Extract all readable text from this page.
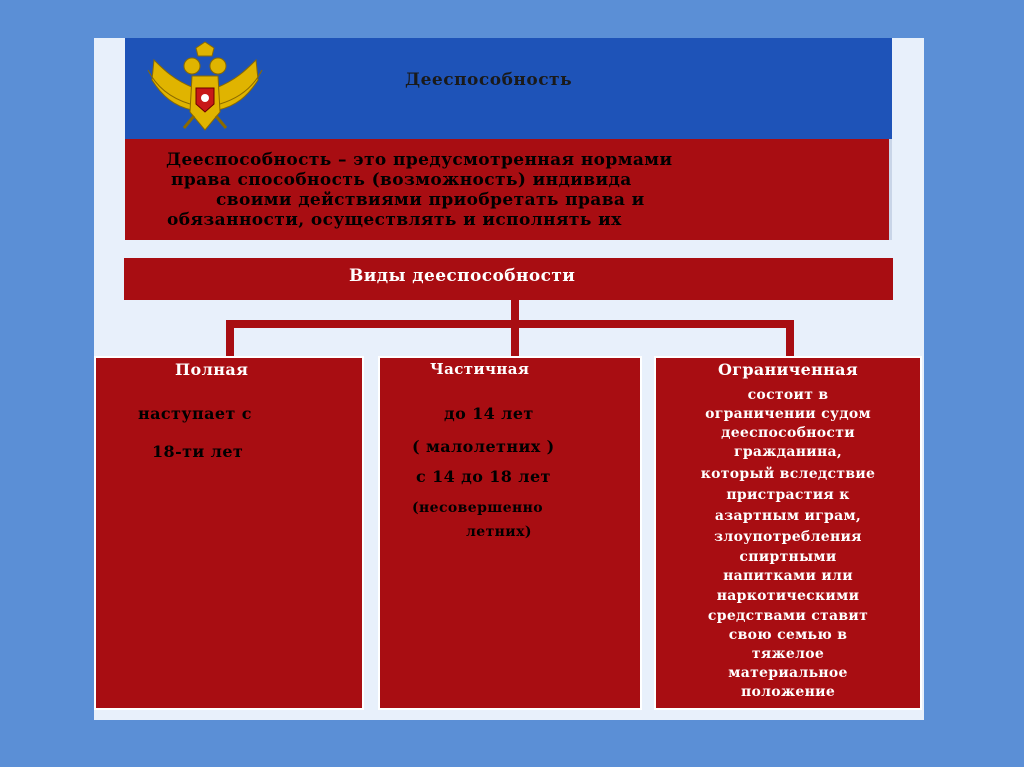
Дееспособность
Дееспособность – это предусмотренная нормами
права способность (возможность) индивида
своими действиями приобретать права и
обязанности, осуществлять и исполнять их
Виды дееспособности
Полная
наступает с
18-ти лет
Частичная
до 14 лет
( малолетних )
с 14 до 18 лет
(несовершенно
летних)
Ограниченная
состоит в
ограничении судом
дееспособности
гражданина,
который вследствие
пристрастия к
азартным играм,
злоупотребления
спиртными
напитками или
наркотическими
средствами ставит
свою семью в
тяжелое
материальное
положение
